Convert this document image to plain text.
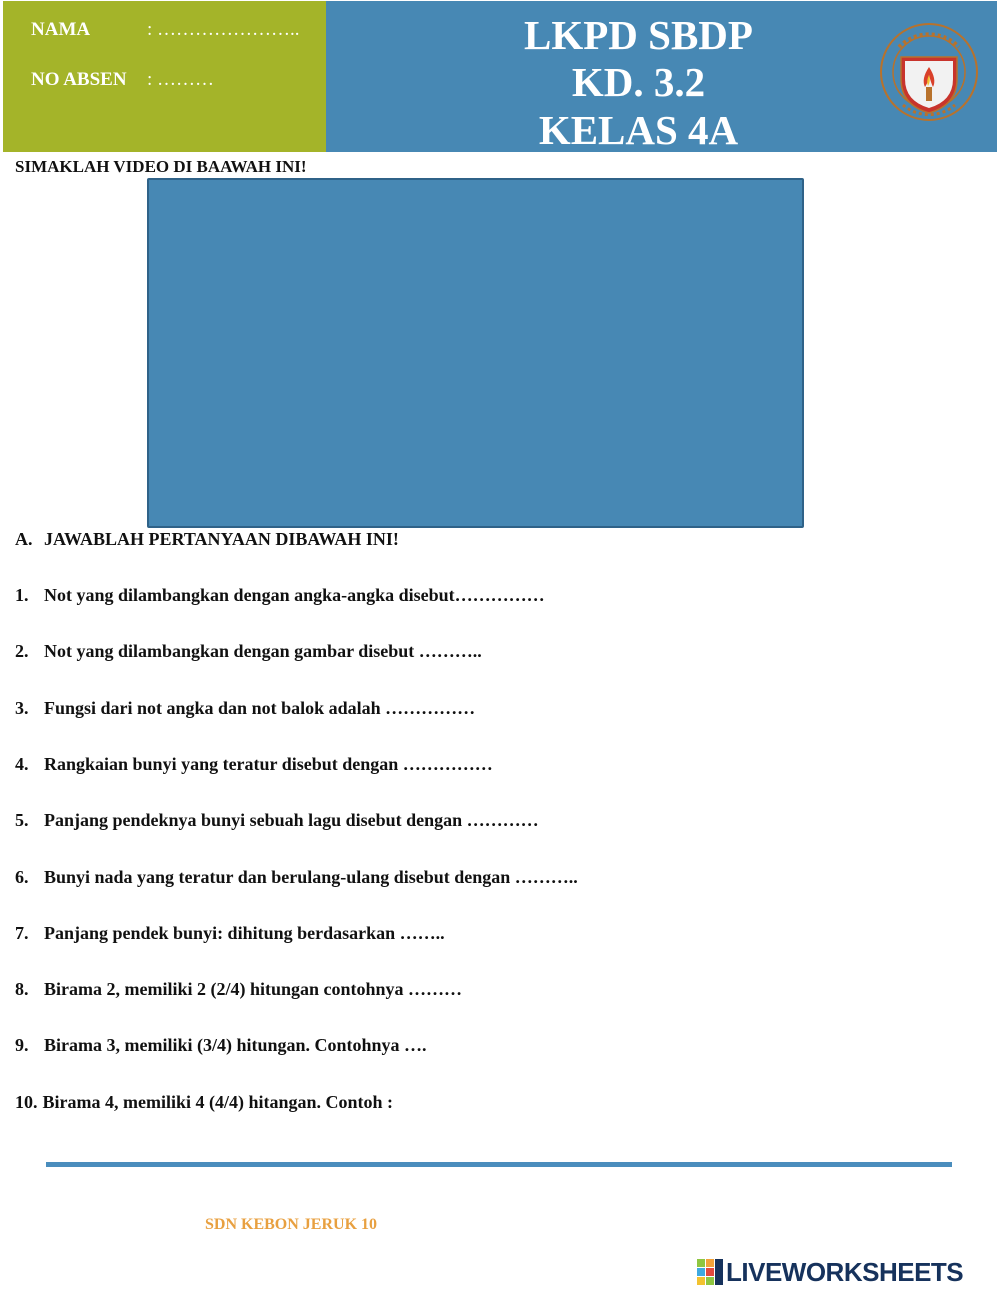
NAMA	: …………………..
NO ABSEN : ………
LKPD SBDP
KD. 3.2
KELAS 4A
SIMAKLAH VIDEO DI BAAWAH INI!
A. JAWABLAH PERTANYAAN DIBAWAH INI!
1. Not yang dilambangkan dengan angka-angka disebut……………
2. Not yang dilambangkan dengan gambar disebut ………..
3. Fungsi dari not angka dan not balok adalah ……………
4. Rangkaian bunyi yang teratur disebut dengan ……………
5. Panjang pendeknya bunyi sebuah lagu disebut dengan …………
6. Bunyi nada yang teratur dan berulang-ulang disebut dengan ………..
7. Panjang pendek bunyi: dihitung berdasarkan ……..
8. Birama 2, memiliki 2 (2/4) hitungan contohnya ………
9. Birama 3, memiliki (3/4) hitungan. Contohnya ….
10. Birama 4, memiliki 4 (4/4) hitangan. Contoh :
SDN KEBON JERUK 10
LIVEWORKSHEETS
